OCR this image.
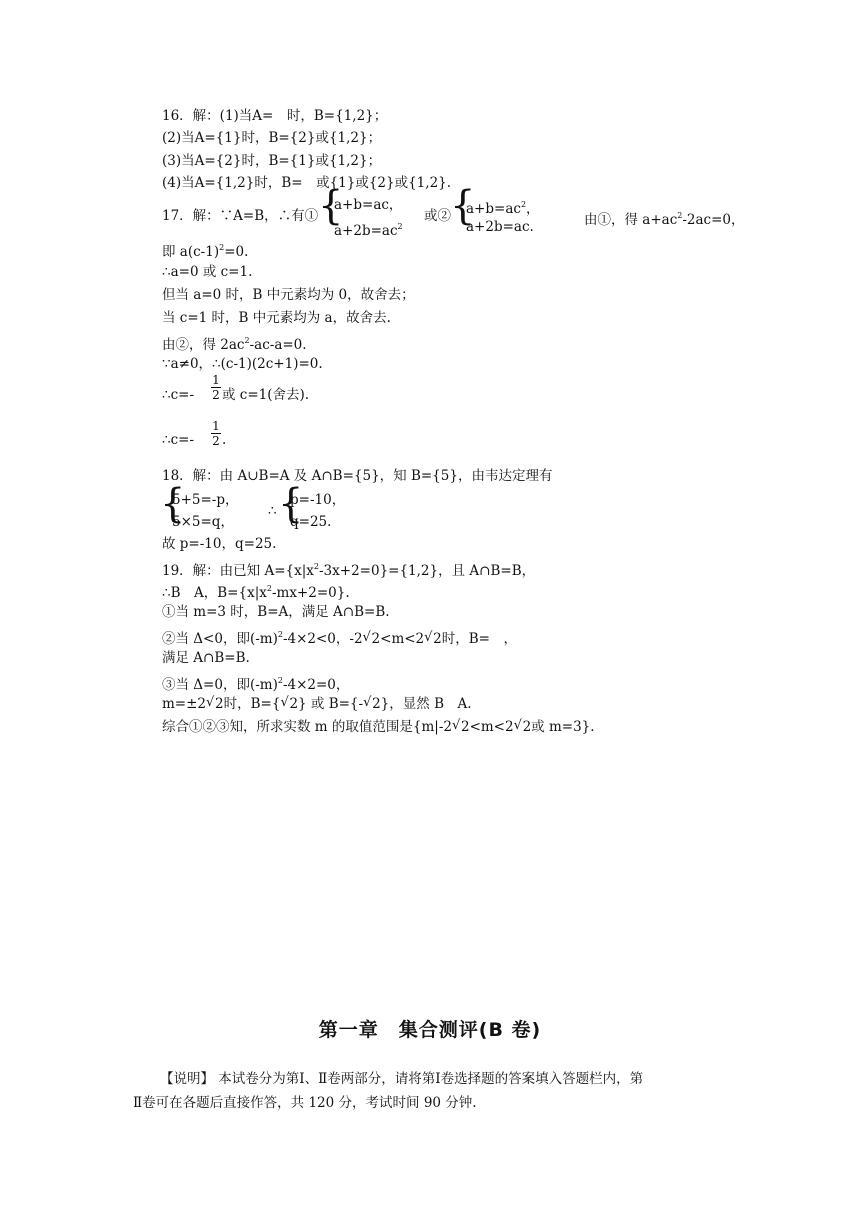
16．解：(1)当A=　时，B={1,2}；
(2)当A={1}时，B={2}或{1,2}；
(3)当A={2}时，B={1}或{1,2}；
(4)当A={1,2}时，B=　或{1}或{2}或{1,2}.
17．解：∵A=B，∴有① {
a+b=ac，
$a+2b=ac^2$
或② {
$a+b=ac^2$，
a+2b=ac.	由①，得 $a+ac^2-2ac=0$，
即 $a(c-1)^2=0$.
∴a=0 或 c=1.
但当 a=0 时，B 中元素均为 0，故舍去；
当 c=1 时，B 中元素均为 a，故舍去.
由②，得 $2ac^2-ac-a=0$.
∵a≠0，∴(c-1)(2c+1)=0.
∴c=-
1
2 或 c=1(舍去).
∴c=-
1
2 .
18．解：由 A∪B=A 及 A∩B={5}，知 B={5}，由韦达定理有
{
5+5=-p，
5×5=q，
∴ {
p=-10，
q=25.
故 p=-10，q=25.
19．解：由已知 $A=\{x|x^2-3x+2=0\}=\{1,2\}$，且 A∩B=B，
∴B　A，$B=\{x|x^2-mx+2=0\}$.
①当 m=3 时，B=A，满足 A∩B=B.
②当 Δ<0，即$(-m)^2-4\times 2<0$，-2 √ 2<m<2 √ 2时，B=　，
满足 A∩B=B.
③当 Δ=0，即$(-m)^2-4\times 2=0$，
m=±2 √ 2时，B={ √ 2} 或 B={- √ 2}，显然 B　A.
综合①②③知，所求实数 m 的取值范围是{m|-2 √ 2<m<2 √ 2或 m=3}.
第一章　集合测评(B 卷)
【说明】 本试卷分为第Ⅰ、Ⅱ卷两部分，请将第Ⅰ卷选择题的答案填入答题栏内，第
Ⅱ卷可在各题后直接作答，共 120 分，考试时间 90 分钟.
